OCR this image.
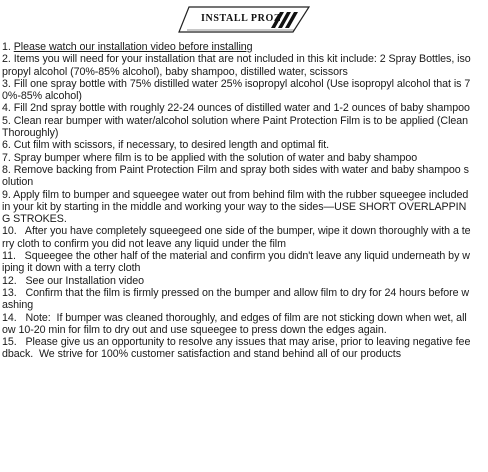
INSTALL PROZ
1. Please watch our installation video before installing
2. Items you will need for your installation that are not included in this kit include: 2 Spray Bottles, isopropyl alcohol (70%-85% alcohol), baby shampoo, distilled water, scissors
3. Fill one spray bottle with 75% distilled water 25% isopropyl alcohol (Use isopropyl alcohol that is 70%-85% alcohol)
4. Fill 2nd spray bottle with roughly 22-24 ounces of distilled water and 1-2 ounces of baby shampoo
5. Clean rear bumper with water/alcohol solution where Paint Protection Film is to be applied (Clean Thoroughly)
6. Cut film with scissors, if necessary, to desired length and optimal fit.
7. Spray bumper where film is to be applied with the solution of water and baby shampoo
8. Remove backing from Paint Protection Film and spray both sides with water and baby shampoo solution
9. Apply film to bumper and squeegee water out from behind film with the rubber squeegee included in your kit by starting in the middle and working your way to the sides—USE SHORT OVERLAPPING STROKES.
10.   After you have completely squeegeed one side of the bumper, wipe it down thoroughly with a terry cloth to confirm you did not leave any liquid under the film
11.   Squeegee the other half of the material and confirm you didn't leave any liquid underneath by wiping it down with a terry cloth
12.   See our Installation video
13.   Confirm that the film is firmly pressed on the bumper and allow film to dry for 24 hours before washing
14.   Note:  If bumper was cleaned thoroughly, and edges of film are not sticking down when wet, allow 10-20 min for film to dry out and use squeegee to press down the edges again.
15.   Please give us an opportunity to resolve any issues that may arise, prior to leaving negative feedback.  We strive for 100% customer satisfaction and stand behind all of our products
